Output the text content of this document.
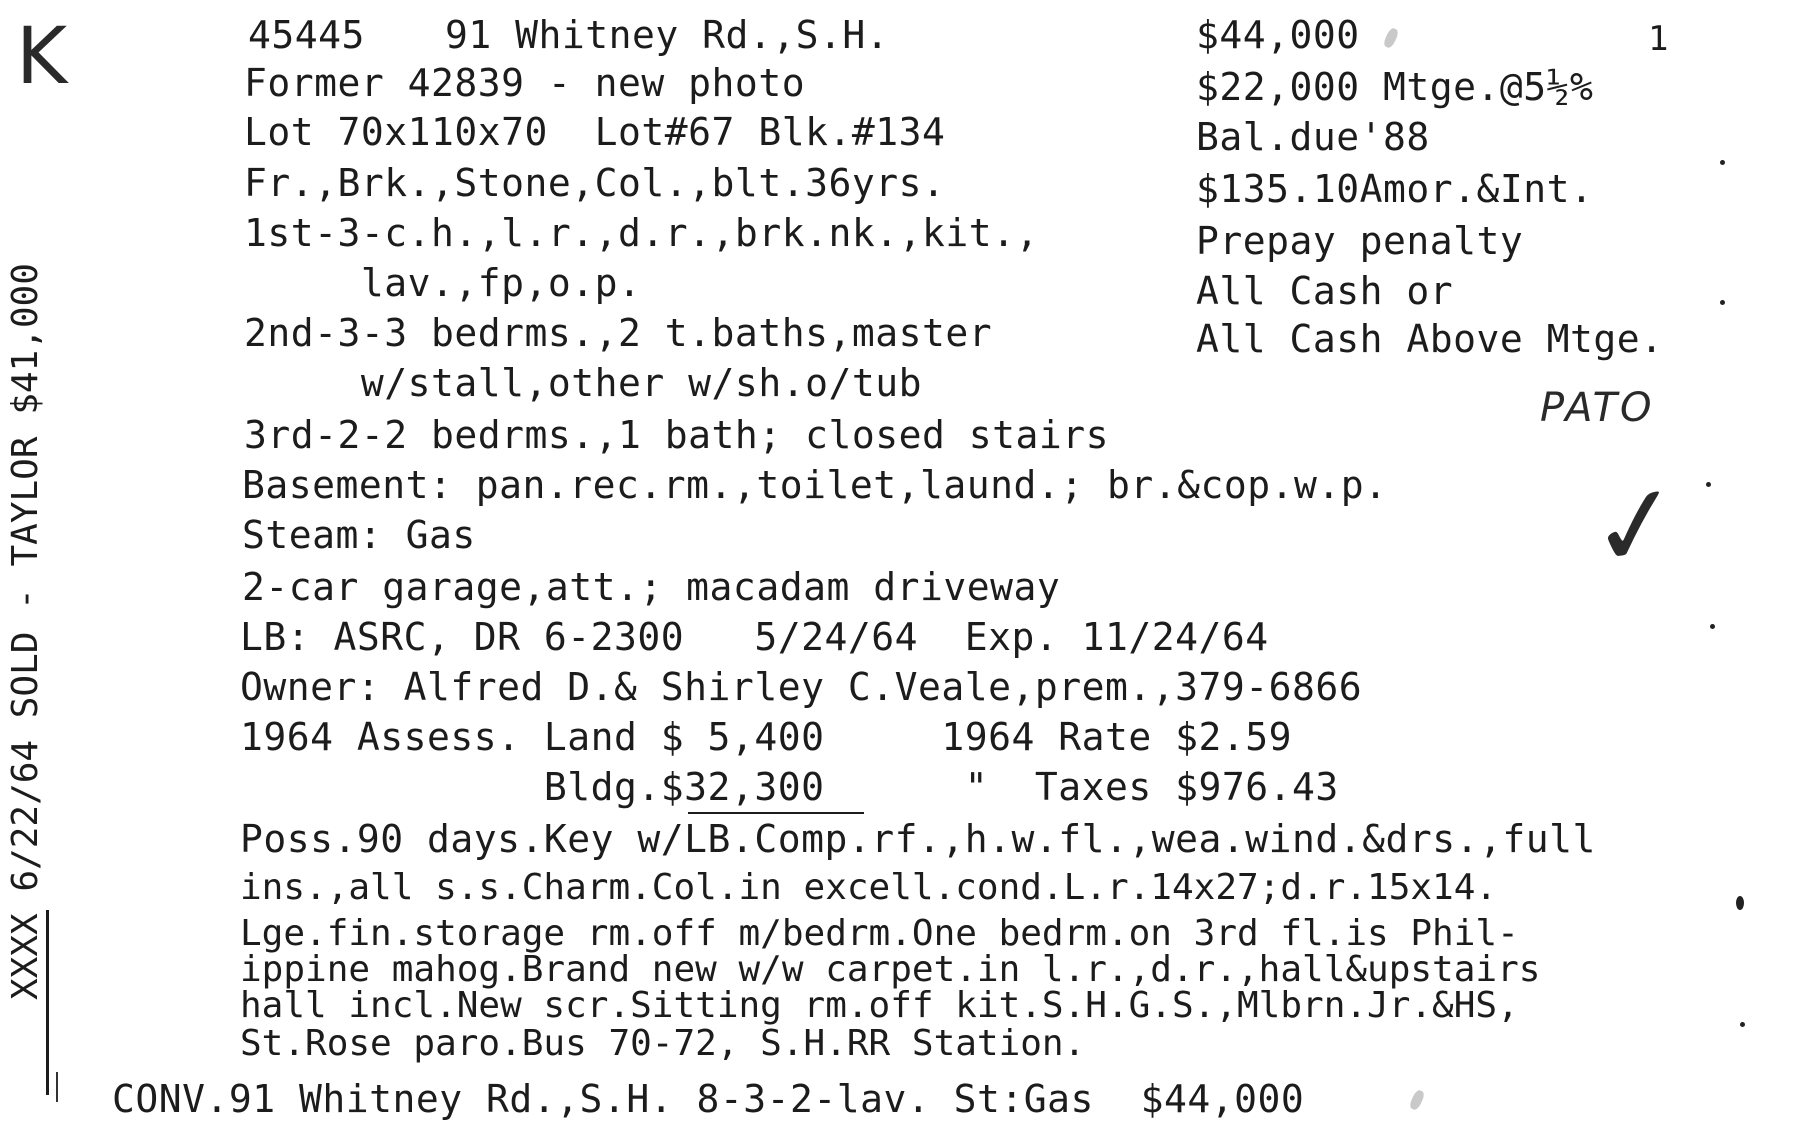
K
PATO
✓
XXXX 6/22/64 SOLD - TAYLOR $41,000
45445 91 Whitney Rd.,S.H.	$44,000	1
Former 42839 - new photo
Lot 70x110x70  Lot#67 Blk.#134
Fr.,Brk.,Stone,Col.,blt.36yrs.
1st-3-c.h.,l.r.,d.r.,brk.nk.,kit.,
lav.,fp,o.p.
2nd-3-3 bedrms.,2 t.baths,master
w/stall,other w/sh.o/tub
3rd-2-2 bedrms.,1 bath; closed stairs
Basement: pan.rec.rm.,toilet,laund.; br.&cop.w.p.
Steam: Gas
2-car garage,att.; macadam driveway
LB: ASRC, DR 6-2300   5/24/64  Exp. 11/24/64
Owner: Alfred D.& Shirley C.Veale,prem.,379-6866
1964 Assess. Land $ 5,400     1964 Rate $2.59
Bldg.$32,300      "  Taxes $976.43
Poss.90 days.Key w/LB.Comp.rf.,h.w.fl.,wea.wind.&drs.,full
ins.,all s.s.Charm.Col.in excell.cond.L.r.14x27;d.r.15x14.
Lge.fin.storage rm.off m/bedrm.One bedrm.on 3rd fl.is Phil-
ippine mahog.Brand new w/w carpet.in l.r.,d.r.,hall&upstairs
hall incl.New scr.Sitting rm.off kit.S.H.G.S.,Mlbrn.Jr.&HS,
St.Rose paro.Bus 70-72, S.H.RR Station.
$22,000 Mtge.@5½%
Bal.due'88
$135.10Amor.&Int.
Prepay penalty
All Cash or
All Cash Above Mtge.
CONV.91 Whitney Rd.,S.H. 8-3-2-lav. St:Gas  $44,000
